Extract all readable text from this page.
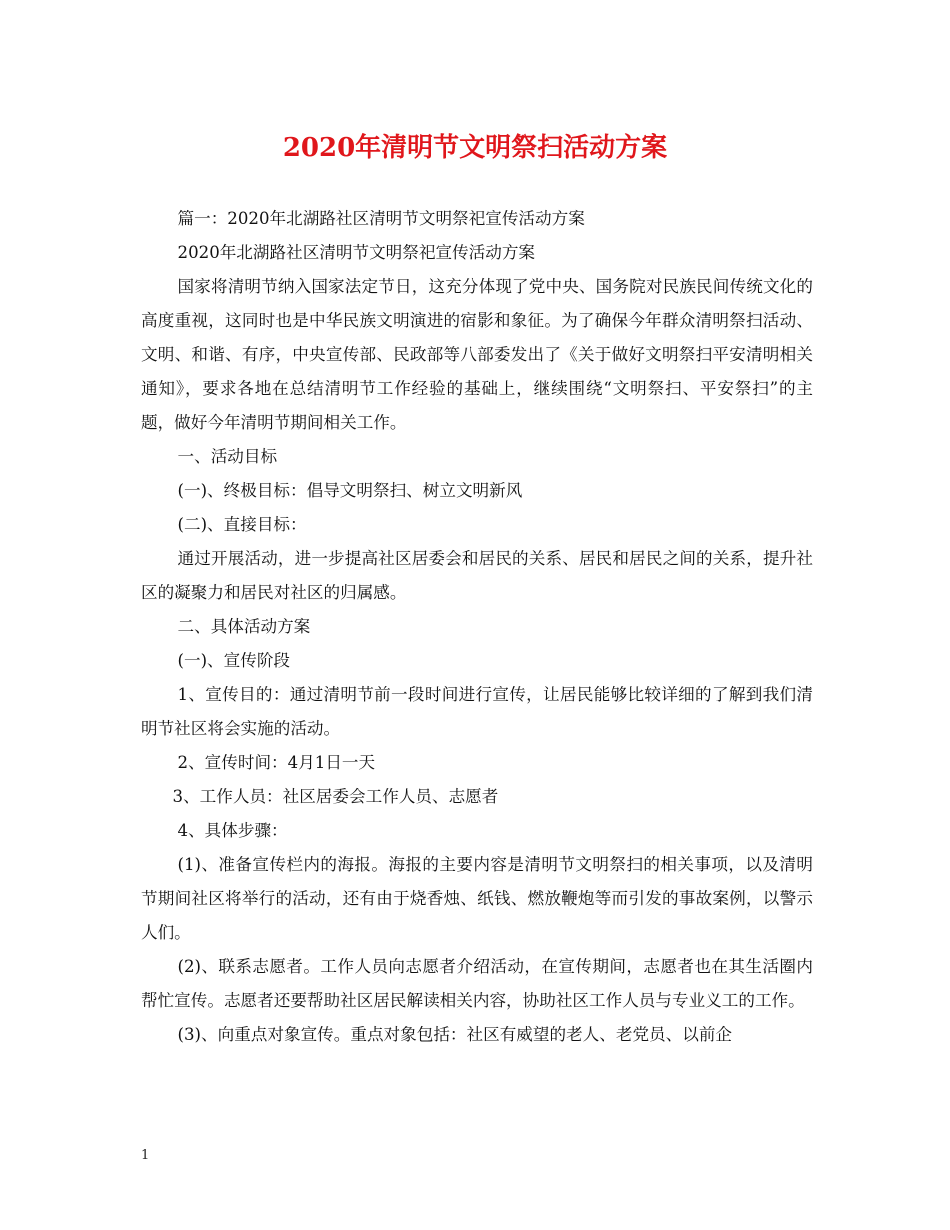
2020年清明节文明祭扫活动方案

篇一：2020年北湖路社区清明节文明祭祀宣传活动方案

2020年北湖路社区清明节文明祭祀宣传活动方案

国家将清明节纳入国家法定节日，这充分体现了党中央、国务院对民族民间传统文化的高度重视，这同时也是中华民族文明演进的宿影和象征。为了确保今年群众清明祭扫活动、文明、和谐、有序，中央宣传部、民政部等八部委发出了《关于做好文明祭扫平安清明相关通知》，要求各地在总结清明节工作经验的基础上，继续围绕“文明祭扫、平安祭扫”的主题，做好今年清明节期间相关工作。

一、活动目标

(一)、终极目标：倡导文明祭扫、树立文明新风

(二)、直接目标：

通过开展活动，进一步提高社区居委会和居民的关系、居民和居民之间的关系，提升社区的凝聚力和居民对社区的归属感。

二、具体活动方案

(一)、宣传阶段

1、宣传目的：通过清明节前一段时间进行宣传，让居民能够比较详细的了解到我们清明节社区将会实施的活动。

2、宣传时间：4月1日一天

3、工作人员：社区居委会工作人员、志愿者

4、具体步骤：

(1)、准备宣传栏内的海报。海报的主要内容是清明节文明祭扫的相关事项，以及清明节期间社区将举行的活动，还有由于烧香烛、纸钱、燃放鞭炮等而引发的事故案例，以警示人们。

(2)、联系志愿者。工作人员向志愿者介绍活动，在宣传期间，志愿者也在其生活圈内帮忙宣传。志愿者还要帮助社区居民解读相关内容，协助社区工作人员与专业义工的工作。

(3)、向重点对象宣传。重点对象包括：社区有威望的老人、老党员、以前企

1
